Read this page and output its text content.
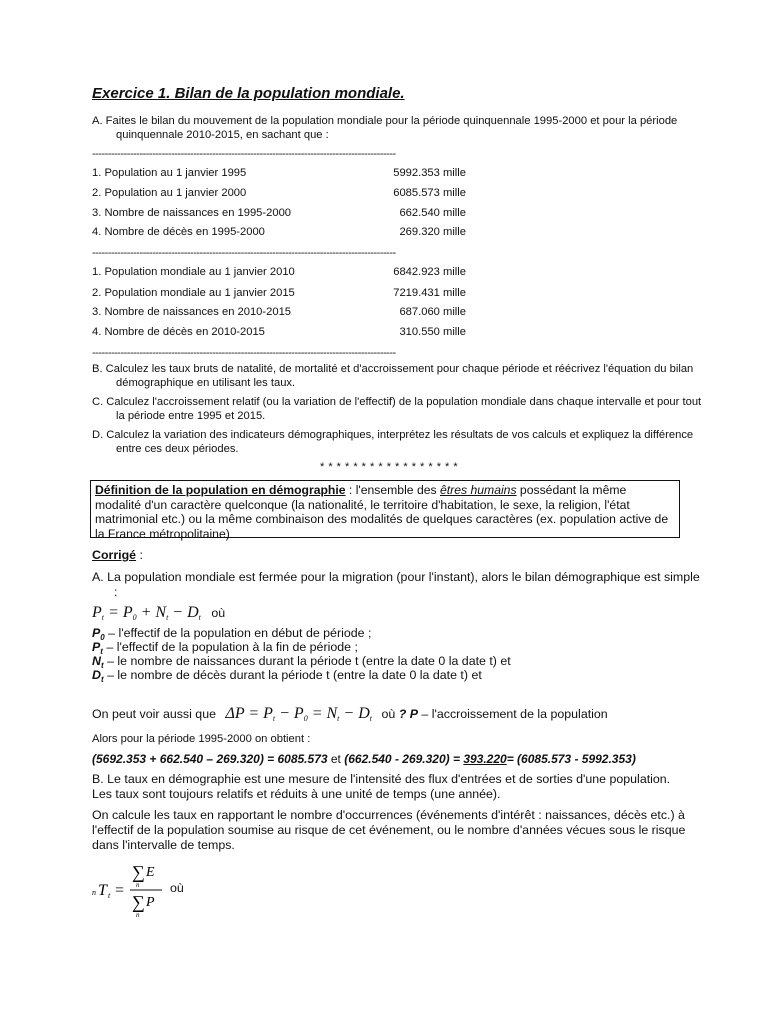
Exercice 1. Bilan de la population mondiale.
A. Faites le bilan du mouvement de la population mondiale pour la période quinquennale 1995-2000 et pour la période quinquennale 2010-2015, en sachant que :
------------------------------------------------------------------------------------------------
1. Population au 1 janvier 1995	5992.353 mille
2. Population au 1 janvier 2000	6085.573 mille
3. Nombre de naissances en 1995-2000	662.540 mille
4. Nombre de décès en 1995-2000	269.320 mille
------------------------------------------------------------------------------------------------
1. Population mondiale au 1 janvier 2010	6842.923 mille
2. Population mondiale au 1 janvier 2015	7219.431 mille
3. Nombre de naissances en 2010-2015	687.060 mille
4. Nombre de décès en 2010-2015	310.550 mille
------------------------------------------------------------------------------------------------
B. Calculez les taux bruts de natalité, de mortalité et d'accroissement pour chaque période et réécrivez l'équation du bilan démographique en utilisant les taux.
C. Calculez l'accroissement relatif (ou la variation de l'effectif) de la population mondiale dans chaque intervalle et pour tout la période entre 1995 et 2015.
D. Calculez la variation des indicateurs démographiques, interprétez les résultats de vos calculs et expliquez la différence entre ces deux périodes.
* * * * * * * * * * * * * * * * *
Définition de la population en démographie : l'ensemble des êtres humains possédant la même modalité d'un caractère quelconque (la nationalité, le territoire d'habitation, le sexe, la religion, l'état matrimonial etc.) ou la même combinaison des modalités de quelques caractères (ex. population active de la France métropolitaine)
Corrigé :
A. La population mondiale est fermée pour la migration (pour l'instant), alors le bilan démographique est simple :
$P_t = P_0 + N_t - D_t$ où
$P_0$ – l'effectif de la population en début de période ;
$P_t$ – l'effectif de la population à la fin de période ;
$N_t$ – le nombre de naissances durant la période t (entre la date 0 la date t) et
$D_t$ – le nombre de décès durant la période t (entre la date 0 la date t) et
On peut voir aussi que $\Delta P = P_t - P_0 = N_t - D_t$ où ? P – l'accroissement de la population
Alors pour la période 1995-2000 on obtient :
(5692.353 + 662.540 – 269.320) = 6085.573 et (662.540 - 269.320) = 393.220= (6085.573 - 5992.353)
B. Le taux en démographie est une mesure de l'intensité des flux d'entrées et de sorties d'une population. Les taux sont toujours relatifs et réduits à une unité de temps (une année).
On calcule les taux en rapportant le nombre d'occurrences (événements d'intérêt : naissances, décès etc.) à l'effectif de la population soumise au risque de cet événement, ou le nombre d'années vécues sous le risque dans l'intervalle de temps.
n T t =
∑ E
n
∑ P
n
où
